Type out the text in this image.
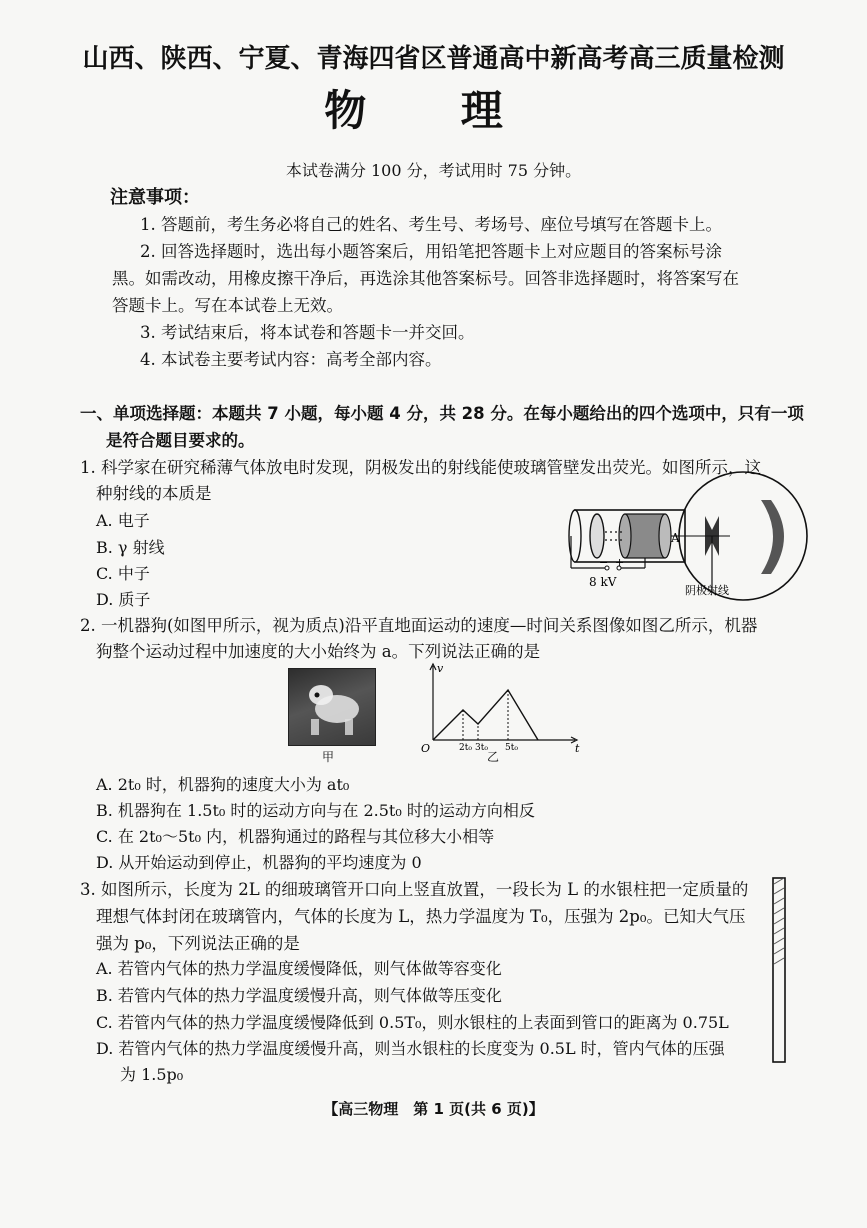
山西、陕西、宁夏、青海四省区普通高中新高考高三质量检测
物 理
本试卷满分 100 分，考试用时 75 分钟。
注意事项：
1. 答题前，考生务必将自己的姓名、考生号、考场号、座位号填写在答题卡上。
2. 回答选择题时，选出每小题答案后，用铅笔把答题卡上对应题目的答案标号涂
黑。如需改动，用橡皮擦干净后，再选涂其他答案标号。回答非选择题时，将答案写在
答题卡上。写在本试卷上无效。
3. 考试结束后，将本试卷和答题卡一并交回。
4. 本试卷主要考试内容：高考全部内容。
一、单项选择题：本题共 7 小题，每小题 4 分，共 28 分。在每小题给出的四个选项中，只有一项
是符合题目要求的。
1. 科学家在研究稀薄气体放电时发现，阴极发出的射线能使玻璃管壁发出荧光。如图所示，这
种射线的本质是
A. 电子
B. γ 射线
C. 中子
D. 质子
A
− +
8 kV
阴极射线
2. 一机器狗(如图甲所示，视为质点)沿平直地面运动的速度—时间关系图像如图乙所示，机器
狗整个运动过程中加速度的大小始终为 a。下列说法正确的是
甲
v
t
O	2t₀ 3t₀ 5t₀
乙
A. 2t₀ 时，机器狗的速度大小为 at₀
B. 机器狗在 1.5t₀ 时的运动方向与在 2.5t₀ 时的运动方向相反
C. 在 2t₀～5t₀ 内，机器狗通过的路程与其位移大小相等
D. 从开始运动到停止，机器狗的平均速度为 0
3. 如图所示，长度为 2L 的细玻璃管开口向上竖直放置，一段长为 L 的水银柱把一定质量的
理想气体封闭在玻璃管内，气体的长度为 L，热力学温度为 T₀，压强为 2p₀。已知大气压
强为 p₀，下列说法正确的是
A. 若管内气体的热力学温度缓慢降低，则气体做等容变化
B. 若管内气体的热力学温度缓慢升高，则气体做等压变化
C. 若管内气体的热力学温度缓慢降低到 0.5T₀，则水银柱的上表面到管口的距离为 0.75L
D. 若管内气体的热力学温度缓慢升高，则当水银柱的长度变为 0.5L 时，管内气体的压强
为 1.5p₀
【高三物理　第 1 页(共 6 页)】
